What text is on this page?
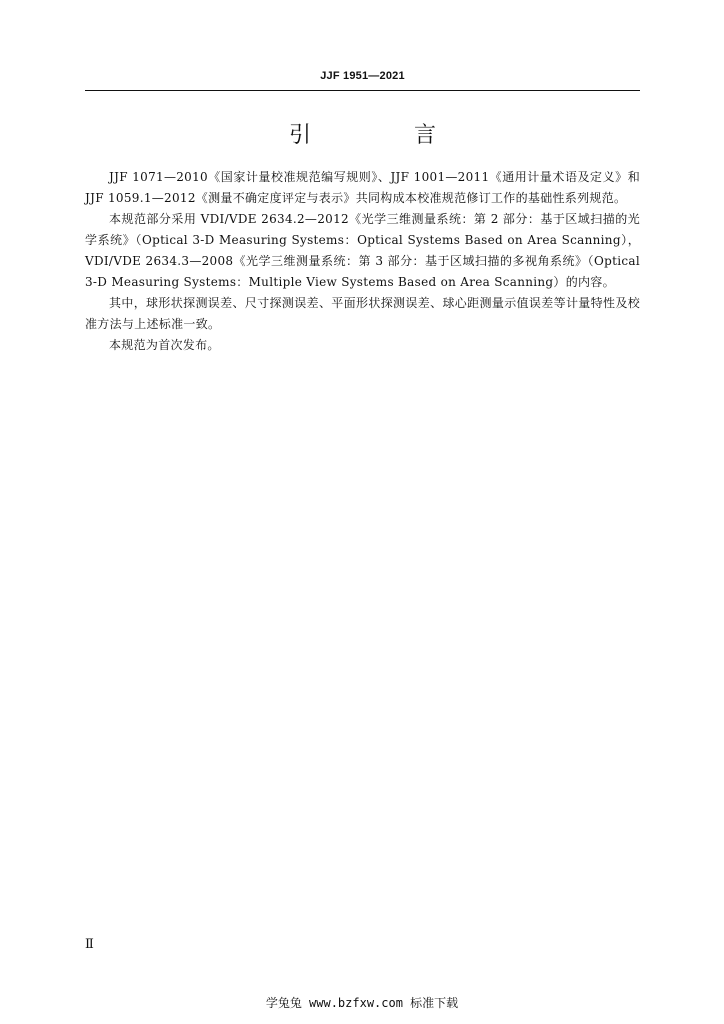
JJF 1951—2021
引 言

JJF 1071—2010《国家计量校准规范编写规则》、JJF 1001—2011《通用计量术语及定义》和 JJF 1059.1—2012《测量不确定度评定与表示》共同构成本校准规范修订工作的基础性系列规范。

本规范部分采用 VDI/VDE 2634.2—2012《光学三维测量系统：第 2 部分：基于区域扫描的光学系统》（Optical 3-D Measuring Systems：Optical Systems Based on Area Scanning），VDI/VDE 2634.3—2008《光学三维测量系统：第 3 部分：基于区域扫描的多视角系统》（Optical 3-D Measuring Systems：Multiple View Systems Based on Area Scanning）的内容。

其中，球形状探测误差、尺寸探测误差、平面形状探测误差、球心距测量示值误差等计量特性及校准方法与上述标准一致。

本规范为首次发布。

Ⅱ
学兔兔 www.bzfxw.com 标准下载
